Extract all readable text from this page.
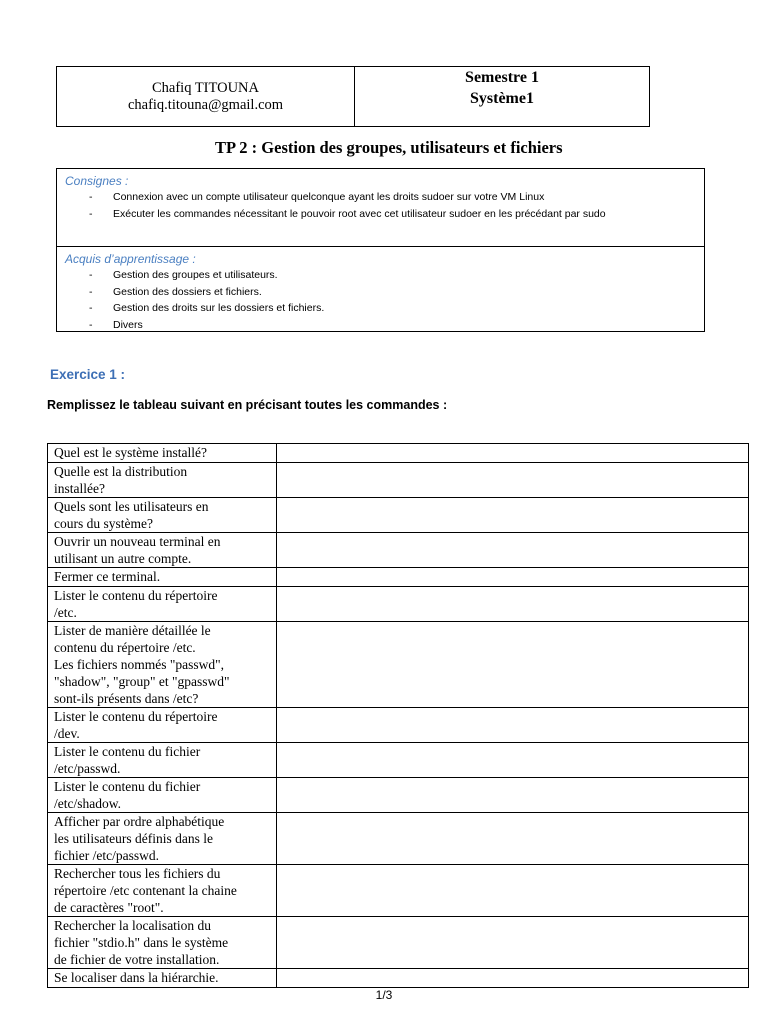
Chafiq TITOUNA
chafiq.titouna@gmail.com
Semestre 1
Système1
TP 2 : Gestion des groupes, utilisateurs et fichiers
Consignes :
- Connexion avec un compte utilisateur quelconque ayant les droits sudoer sur votre VM Linux
- Exécuter les commandes nécessitant le pouvoir root avec cet utilisateur sudoer en les précédant par sudo
Acquis d’apprentissage :
- Gestion des groupes et utilisateurs.
- Gestion des dossiers et fichiers.
- Gestion des droits sur les dossiers et fichiers.
- Divers
Exercice 1 :
Remplissez le tableau suivant en précisant toutes les commandes :
Quel est le système installé?	

Quelle est la distribution
installée?	

Quels sont les utilisateurs en
cours du système?	

Ouvrir un nouveau terminal en
utilisant un autre compte.	

Fermer ce terminal.	

Lister le contenu du répertoire
/etc.	

Lister de manière détaillée le
contenu du répertoire /etc.
Les fichiers nommés "passwd",
"shadow", "group" et "gpasswd"
sont-ils présents dans /etc?	

Lister le contenu du répertoire
/dev.	

Lister le contenu du fichier
/etc/passwd.	

Lister le contenu du fichier
/etc/shadow.	

Afficher par ordre alphabétique
les utilisateurs définis dans le
fichier /etc/passwd.	

Rechercher tous les fichiers du
répertoire /etc contenant la chaine
de caractères "root".	

Rechercher la localisation du
fichier "stdio.h" dans le système
de fichier de votre installation.	

Se localiser dans la hiérarchie.	

1/3
